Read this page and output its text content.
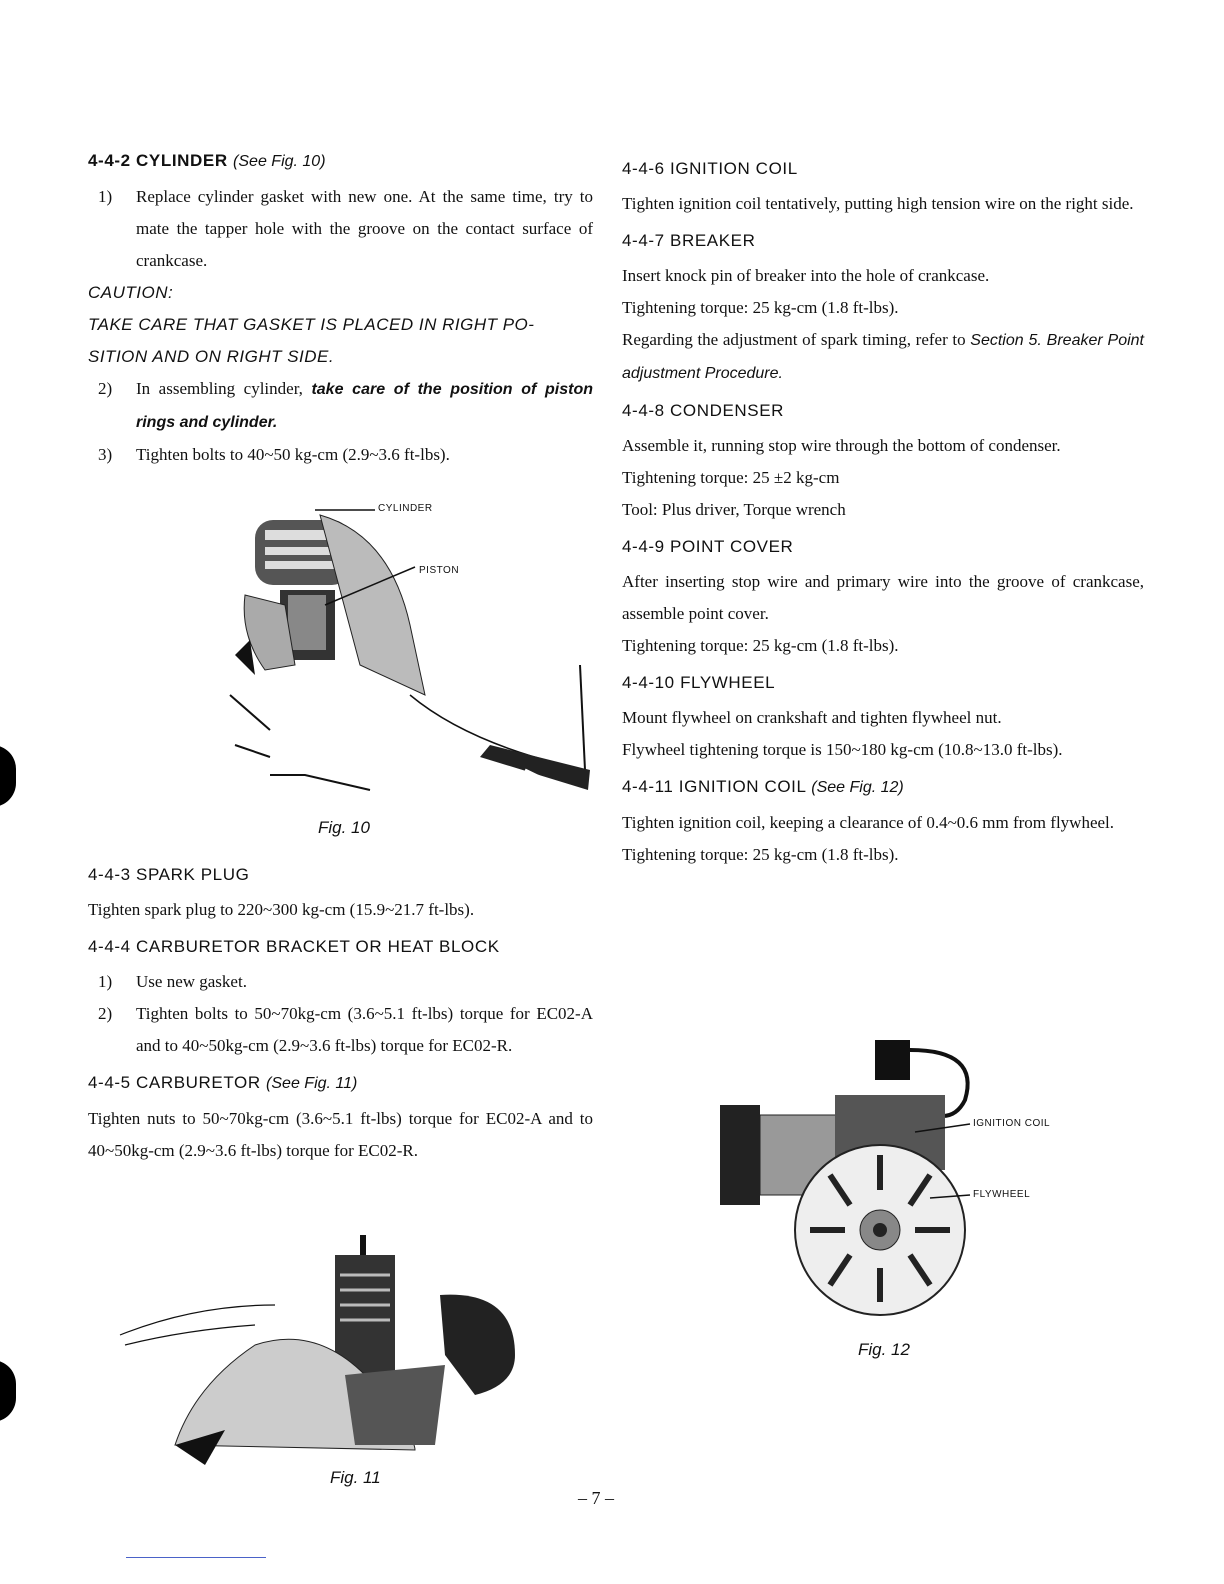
4-4-2 CYLINDER (See Fig. 10)
1)	Replace cylinder gasket with new one. At the same time, try to mate the tapper hole with the groove on the contact surface of crankcase.
CAUTION:
TAKE CARE THAT GASKET IS PLACED IN RIGHT PO-SITION AND ON RIGHT SIDE.
2)	In assembling cylinder, take care of the position of piston rings and cylinder.
3)	Tighten bolts to 40~50 kg-cm (2.9~3.6 ft-lbs).
CYLINDER
PISTON
Fig. 10
4-4-3 SPARK PLUG

Tighten spark plug to 220~300 kg-cm (15.9~21.7 ft-lbs).

4-4-4 CARBURETOR BRACKET OR HEAT BLOCK
1)	Use new gasket.
2)	Tighten bolts to 50~70kg-cm (3.6~5.1 ft-lbs) torque for EC02-A and to 40~50kg-cm (2.9~3.6 ft-lbs) torque for EC02-R.
4-4-5 CARBURETOR (See Fig. 11)

Tighten nuts to 50~70kg-cm (3.6~5.1 ft-lbs) torque for EC02-A and to 40~50kg-cm (2.9~3.6 ft-lbs) torque for EC02-R.

Fig. 11
4-4-6 IGNITION COIL

Tighten ignition coil tentatively, putting high tension wire on the right side.

4-4-7 BREAKER

Insert knock pin of breaker into the hole of crankcase.

Tightening torque: 25 kg-cm (1.8 ft-lbs).

Regarding the adjustment of spark timing, refer to Section 5. Breaker Point adjustment Procedure.

4-4-8 CONDENSER

Assemble it, running stop wire through the bottom of condenser.

Tightening torque: 25 ±2 kg-cm

Tool: Plus driver, Torque wrench

4-4-9 POINT COVER

After inserting stop wire and primary wire into the groove of crankcase, assemble point cover.

Tightening torque: 25 kg-cm (1.8 ft-lbs).

4-4-10 FLYWHEEL

Mount flywheel on crankshaft and tighten flywheel nut.

Flywheel tightening torque is 150~180 kg-cm (10.8~13.0 ft-lbs).

4-4-11 IGNITION COIL (See Fig. 12)

Tighten ignition coil, keeping a clearance of 0.4~0.6 mm from flywheel.

Tightening torque: 25 kg-cm (1.8 ft-lbs).

IGNITION COIL
FLYWHEEL
Fig. 12
– 7 –
